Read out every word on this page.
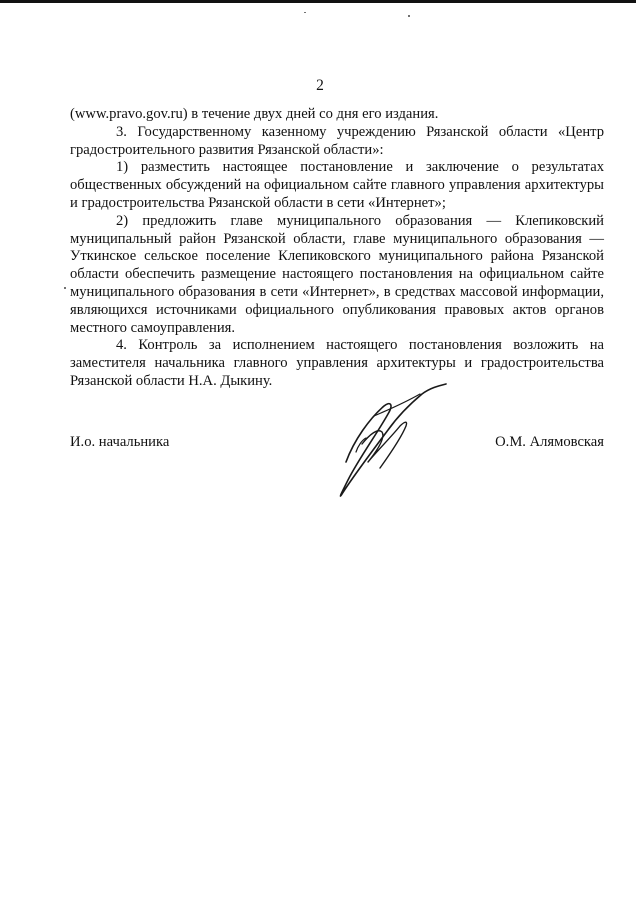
2

(www.pravo.gov.ru) в течение двух дней со дня его издания.

3. Государственному казенному учреждению Рязанской области «Центр градостроительного развития Рязанской области»:

1) разместить настоящее постановление и заключение о результатах общественных обсуждений на официальном сайте главного управления архитектуры и градостроительства Рязанской области в сети «Интернет»;

2) предложить главе муниципального образования — Клепиковский муниципальный район Рязанской области, главе муниципального образования — Уткинское сельское поселение Клепиковского муниципального района Рязанской области обеспечить размещение настоящего постановления на официальном сайте муниципального образования в сети «Интернет», в средствах массовой информации, являющихся источниками официального опубликования правовых актов органов местного самоуправления.

4. Контроль за исполнением настоящего постановления возложить на заместителя начальника главного управления архитектуры и градостроительства Рязанской области Н.А. Дыкину.

И.о. начальника	О.М. Алямовская
